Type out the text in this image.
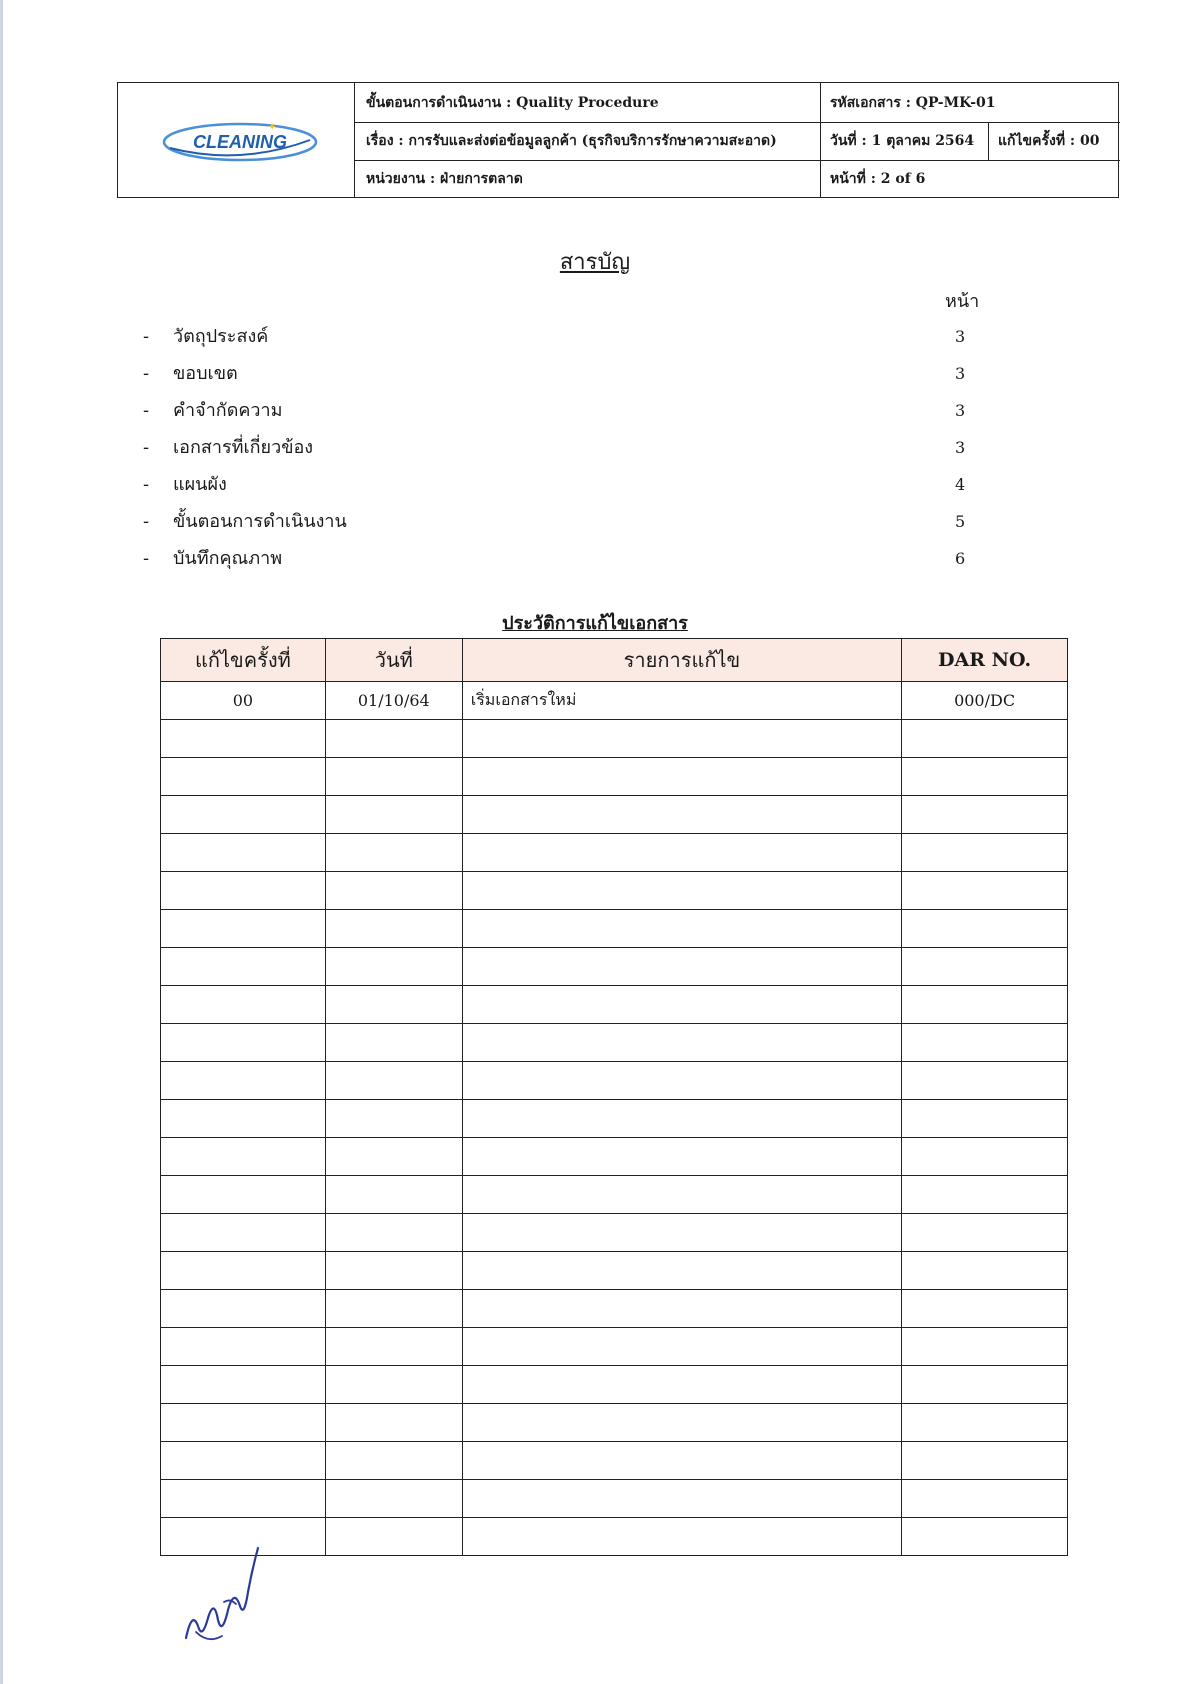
CLEANING
✦
ขั้นตอนการดำเนินงาน : Quality Procedure	รหัสเอกสาร : QP-MK-01
เรื่อง : การรับและส่งต่อข้อมูลลูกค้า (ธุรกิจบริการรักษาความสะอาด)	วันที่ : 1 ตุลาคม 2564 แก้ไขครั้งที่ : 00
หน่วยงาน : ฝ่ายการตลาด	หน้าที่ : 2 of 6
สารบัญ
หน้า
- วัตถุประสงค์	3
- ขอบเขต	3
- คำจำกัดความ	3
- เอกสารที่เกี่ยวข้อง	3
- แผนผัง	4
- ขั้นตอนการดำเนินงาน	5
- บันทึกคุณภาพ	6
ประวัติการแก้ไขเอกสาร
แก้ไขครั้งที่	วันที่	รายการแก้ไข	DAR NO.
00	01/10/64	เริ่มเอกสารใหม่	000/DC
